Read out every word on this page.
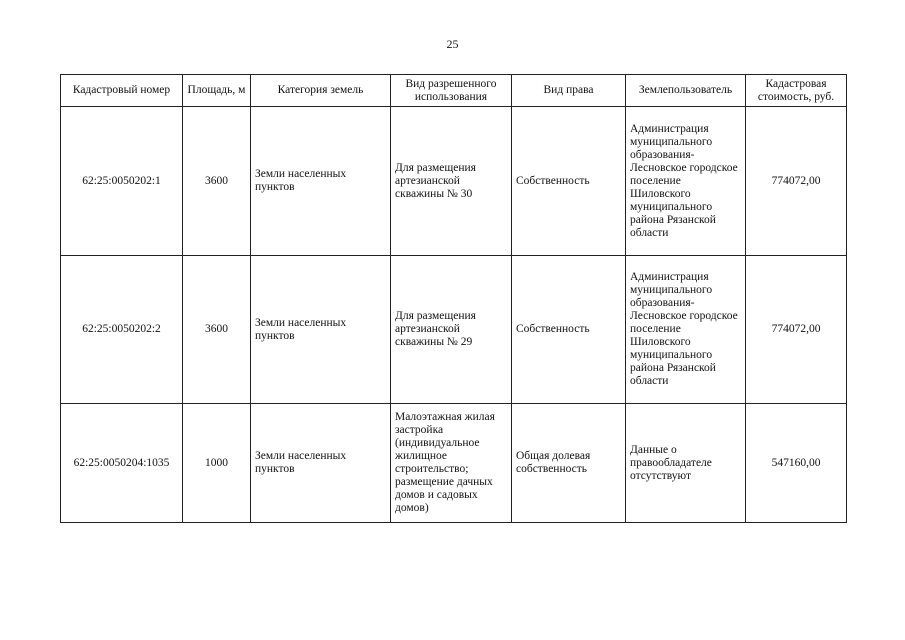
25
Кадастровый номер	Площадь, м	Категория земель	Вид разрешенного использования	Вид права	Землепользователь	Кадастровая стоимость, руб.
62:25:0050202:1	3600	Земли населенных пунктов	Для размещения артезианской скважины № 30	Собственность	Администрация муниципального образования-Лесновское городское поселение Шиловского муниципального района Рязанской области	774072,00
62:25:0050202:2	3600	Земли населенных пунктов	Для размещения артезианской скважины № 29	Собственность	Администрация муниципального образования-Лесновское городское поселение Шиловского муниципального района Рязанской области	774072,00
62:25:0050204:1035	1000	Земли населенных пунктов	Малоэтажная жилая застройка (индивидуальное жилищное строительство; размещение дачных домов и садовых домов)	Общая долевая собственность	Данные о правообладателе отсутствуют	547160,00
